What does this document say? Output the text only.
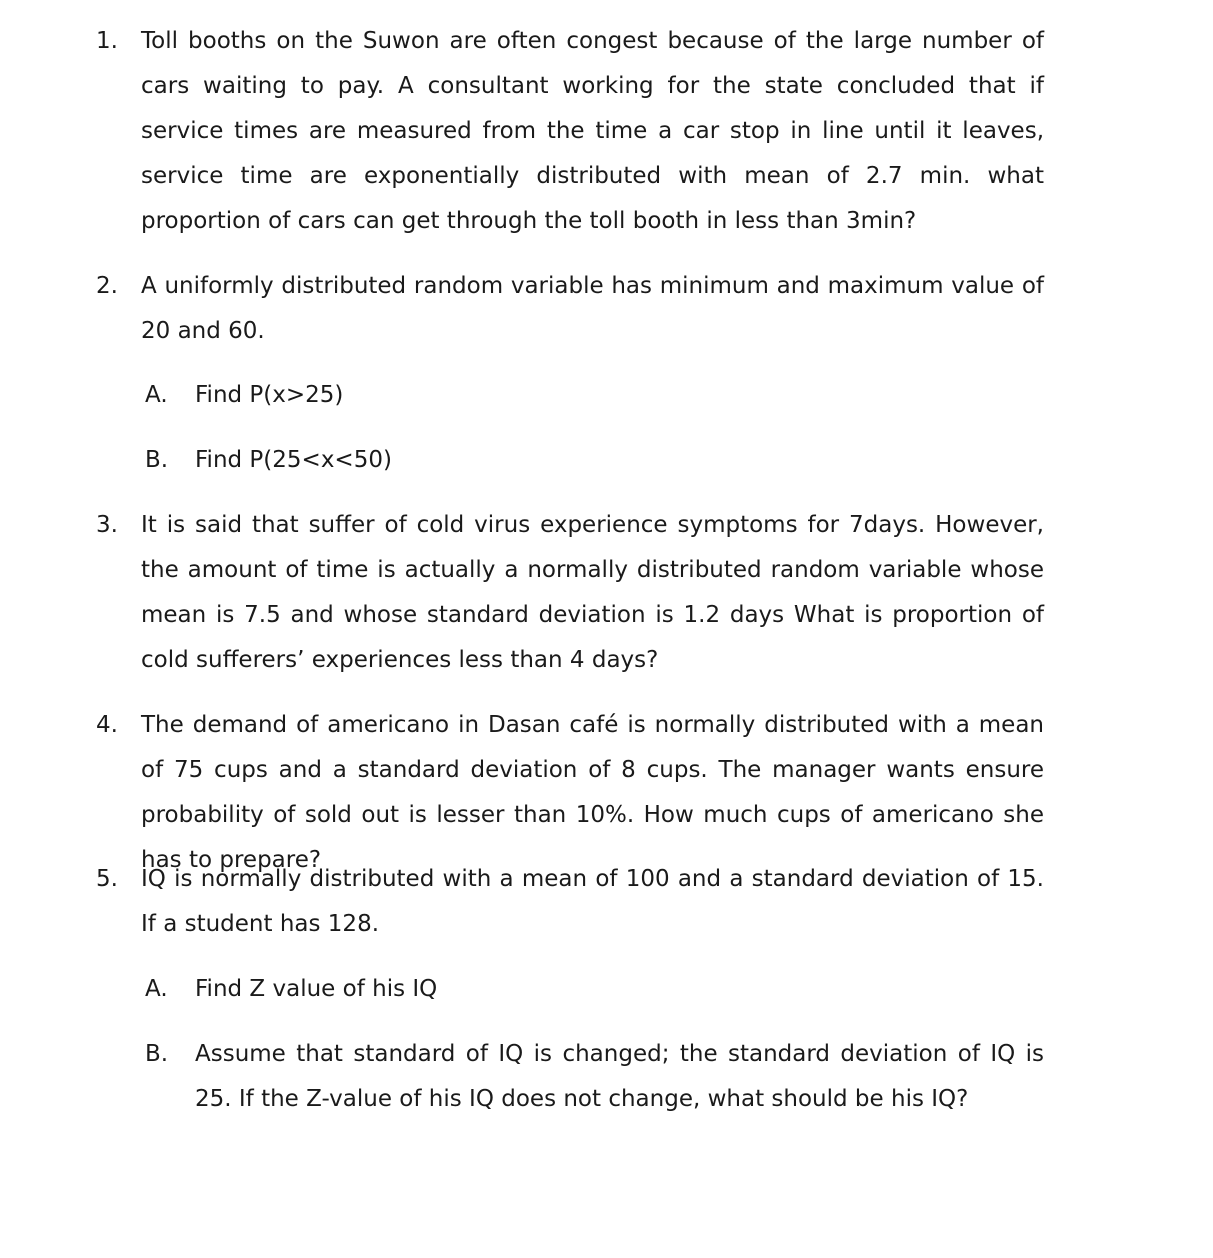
1. Toll booths on the Suwon are often congest because of the large number of cars waiting to pay. A consultant working for the state concluded that if service times are measured from the time a car stop in line until it leaves, service time are exponentially distributed with mean of 2.7 min. what proportion of cars can get through the toll booth in less than 3min?
2. A uniformly distributed random variable has minimum and maximum value of 20 and 60.
A. Find P(x>25)
B. Find P(25<x<50)
3. It is said that suffer of cold virus experience symptoms for 7days. However, the amount of time is actually a normally distributed random variable whose mean is 7.5 and whose standard deviation is 1.2 days What is proportion of cold sufferers’ experiences less than 4 days?
4. The demand of americano in Dasan café is normally distributed with a mean of 75 cups and a standard deviation of 8 cups. The manager wants ensure probability of sold out is lesser than 10%. How much cups of americano she has to prepare?
5. IQ is normally distributed with a mean of 100 and a standard deviation of 15. If a student has 128.
A. Find Z value of his IQ
B. Assume that standard of IQ is changed; the standard deviation of IQ is 25. If the Z-value of his IQ does not change, what should be his IQ?
